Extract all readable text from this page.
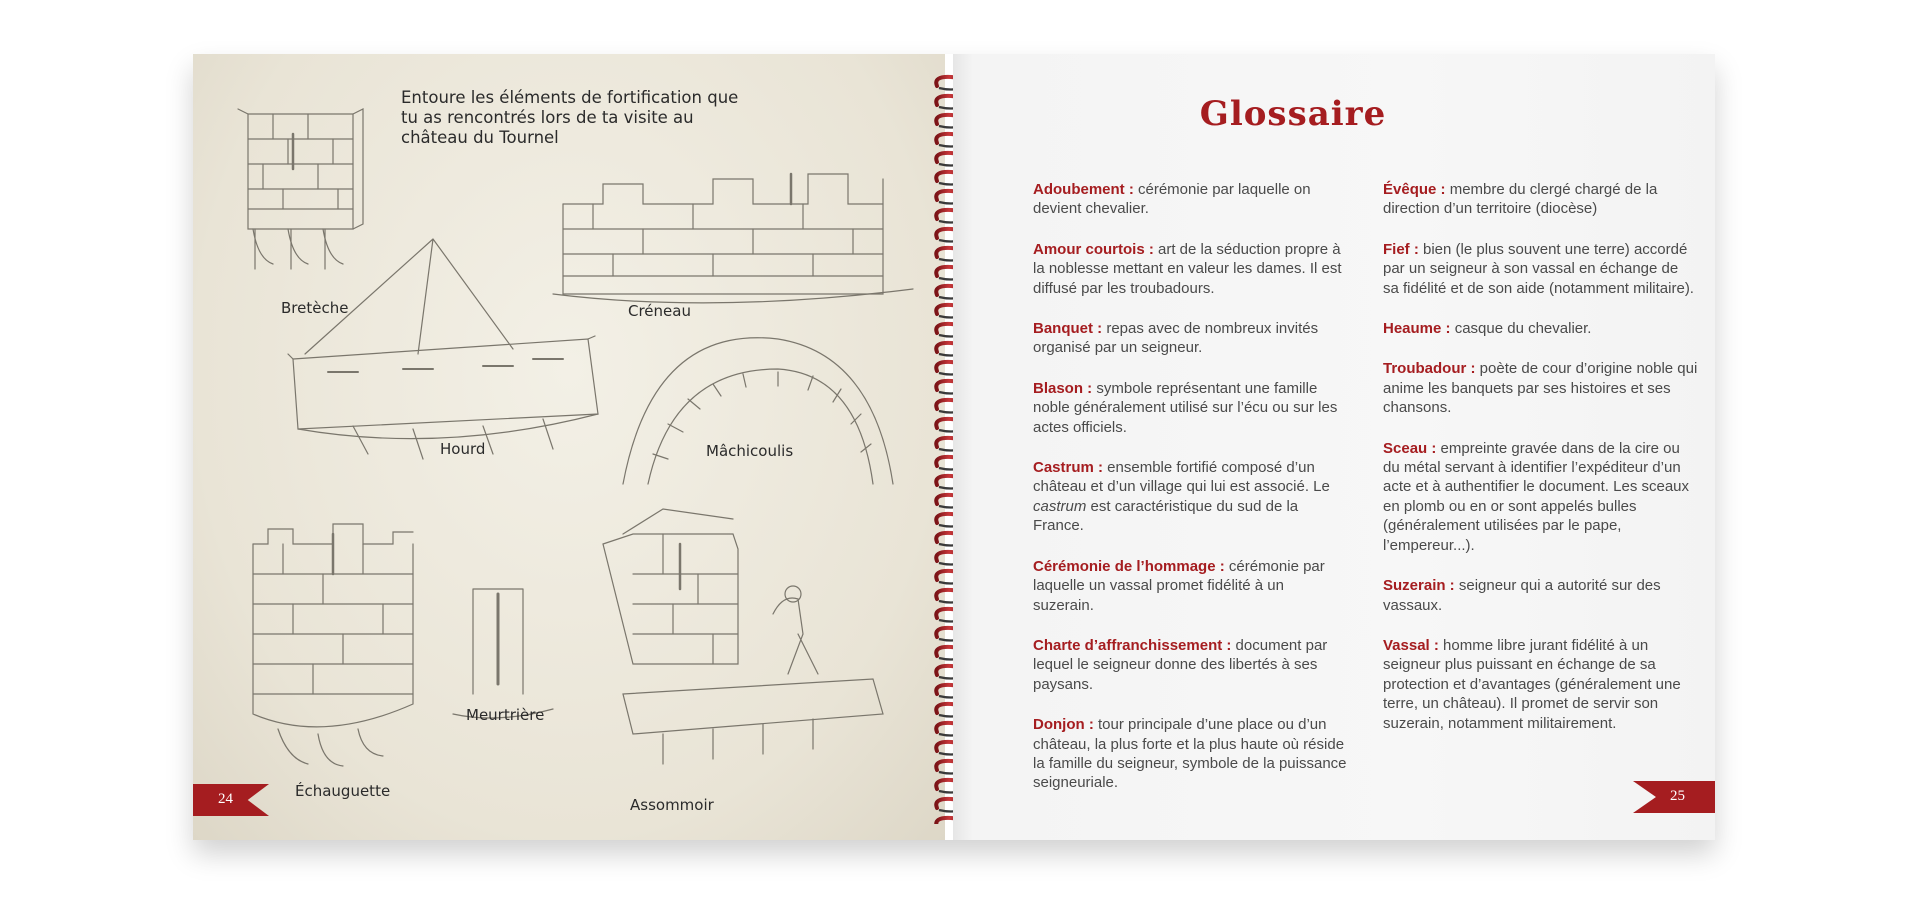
Entoure les éléments de fortification que tu as rencontrés lors de ta visite au château du Tournel

Bretèche	Créneau

Hourd	Mâchicoulis

Meurtrière

Échauguette

Assommoir

24
Glossaire

Adoubement : cérémonie par laquelle on devient chevalier.

Amour courtois : art de la séduction propre à la noblesse mettant en valeur les dames. Il est diffusé par les troubadours.

Banquet : repas avec de nombreux invités organisé par un seigneur.

Blason : symbole représentant une famille noble généralement utilisé sur l’écu ou sur les actes officiels.

Castrum : ensemble fortifié composé d’un château et d’un village qui lui est associé. Le castrum est caractéristique du sud de la France.

Cérémonie de l’hommage : cérémonie par laquelle un vassal promet fidélité à un suzerain.

Charte d’affranchissement : document par lequel le seigneur donne des libertés à ses paysans.

Donjon : tour principale d’une place ou d’un château, la plus forte et la plus haute où réside la famille du seigneur, symbole de la puissance seigneuriale.

Évêque : membre du clergé chargé de la direction d’un territoire (diocèse)

Fief : bien (le plus souvent une terre) accordé par un seigneur à son vassal en échange de sa fidélité et de son aide (notamment militaire).

Heaume : casque du chevalier.

Troubadour : poète de cour d’origine noble qui anime les banquets par ses histoires et ses chansons.

Sceau : empreinte gravée dans de la cire ou du métal servant à identifier l’expéditeur d’un acte et à authentifier le document. Les sceaux en plomb ou en or sont appelés bulles (généralement utilisées par le pape, l’empereur...).

Suzerain : seigneur qui a autorité sur des vassaux.

Vassal : homme libre jurant fidélité à un seigneur plus puissant en échange de sa protection et d’avantages (généralement une terre, un château). Il promet de servir son suzerain, notamment militairement.

25
